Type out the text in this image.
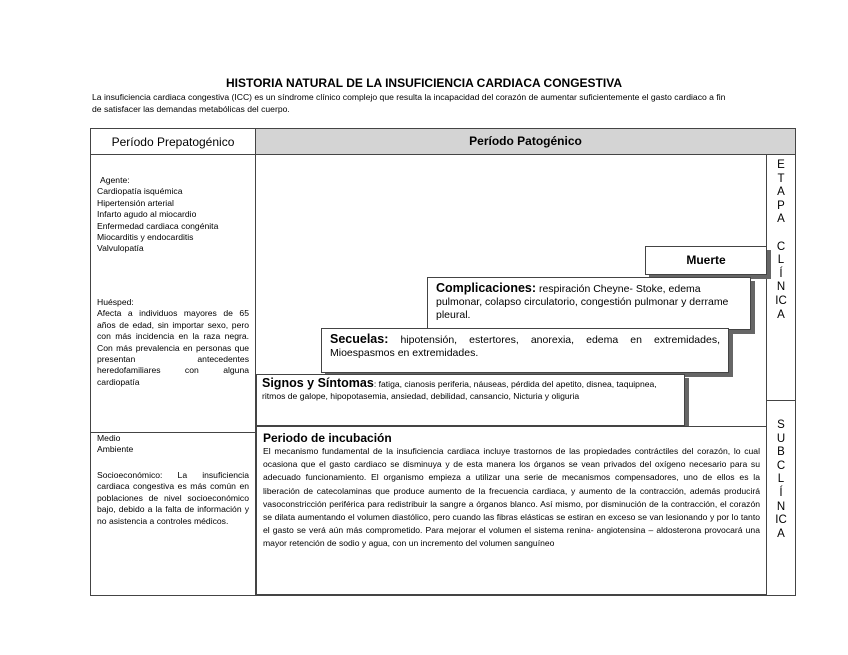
HISTORIA NATURAL DE LA INSUFICIENCIA CARDIACA CONGESTIVA
La insuficiencia cardiaca congestiva (ICC) es un síndrome clínico complejo que resulta la incapacidad del corazón de aumentar suficientemente el gasto cardiaco a fin de satisfacer las demandas metabólicas del cuerpo.
Período Prepatogénico	Período Patogénico
Agente:
Cardiopatía isquémica
Hipertensión arterial
Infarto agudo al miocardio
Enfermedad cardiaca congénita
Miocarditis y endocarditis
Valvulopatía
Huésped:
Afecta a individuos mayores de 65 años de edad, sin importar sexo, pero con más incidencia en la raza negra. Con más prevalencia en personas que presentan antecedentes heredofamiliares con alguna cardiopatía
Medio
Ambiente
Socioeconómico: La insuficiencia cardiaca congestiva es más común en poblaciones de nivel socioeconómico bajo, debido a la falta de información y no asistencia a controles médicos.
Muerte
Complicaciones: respiración Cheyne- Stoke, edema pulmonar, colapso circulatorio, congestión pulmonar y derrame pleural.
Secuelas: hipotensión, estertores, anorexia, edema en extremidades, Mioespasmos en extremidades.
Signos y Síntomas: fatiga, cianosis periferia, náuseas, pérdida del apetito, disnea, taquipnea, ritmos de galope, hipopotasemia, ansiedad, debilidad, cansancio, Nicturia y oliguria
Periodo de incubación
El mecanismo fundamental de la insuficiencia cardiaca incluye trastornos de las propiedades contráctiles del corazón, lo cual ocasiona que el gasto cardiaco se disminuya y de esta manera los órganos se vean privados del oxígeno necesario para su adecuado funcionamiento. El organismo empieza a utilizar una serie de mecanismos compensadores, uno de ellos es la liberación de catecolaminas que produce aumento de la frecuencia cardiaca, y aumento de la contracción, además producirá vasoconstricción periférica para redistribuir la sangre a órganos blanco. Así mismo, por disminución de la contracción, el corazón se dilata aumentando el volumen diastólico, pero cuando las fibras elásticas se estiran en exceso se van lesionando y por lo tanto el gasto se verá aún más comprometido. Para mejorar el volumen el sistema renina- angiotensina – aldosterona provocará una mayor retención de sodio y agua, con un incremento del volumen sanguíneo
E
T
A
P
A

C
L
Í
N
IC
A
S
U
B
C
L
Í
N
IC
A
